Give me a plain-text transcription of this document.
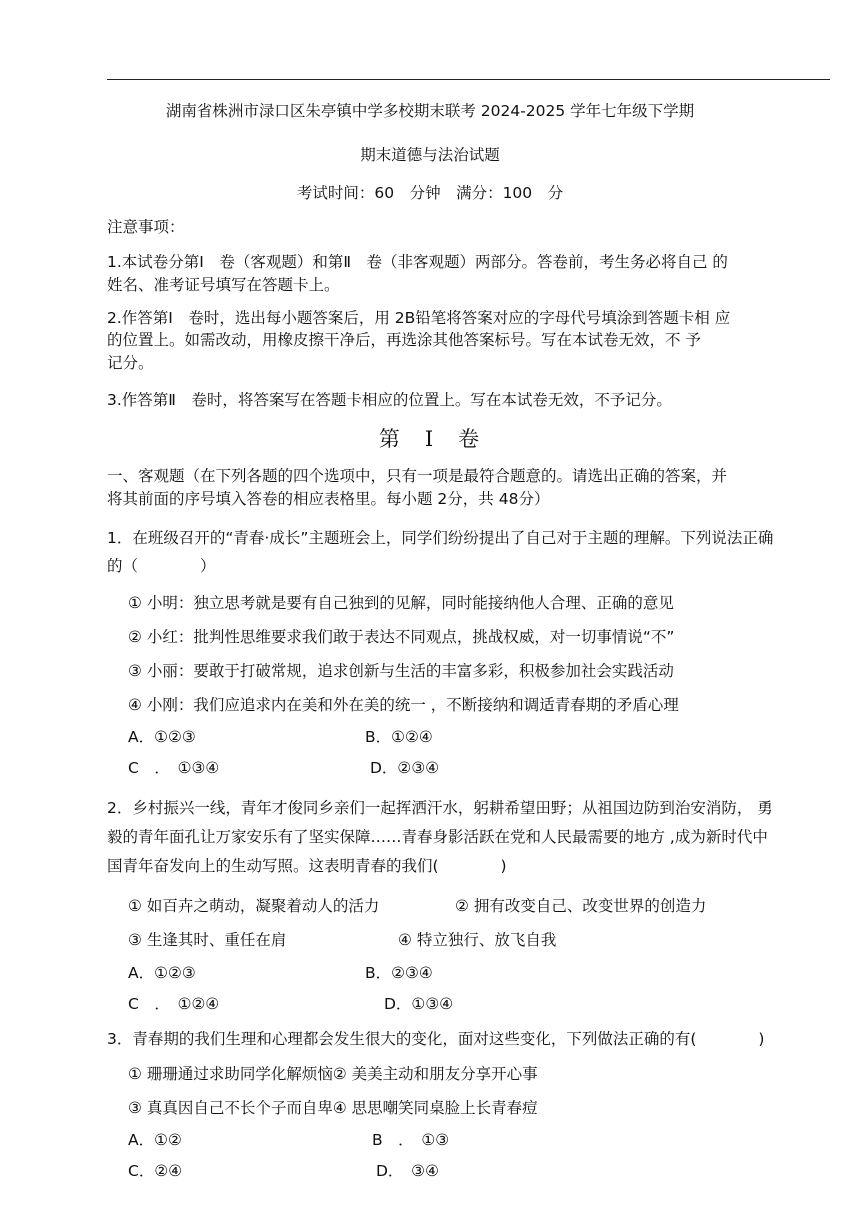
湖南省株洲市渌口区朱亭镇中学多校期末联考 2024-2025 学年七年级下学期
期末道德与法治试题
考试时间：60　分钟　满分：100　分
注意事项：
1.本试卷分第Ⅰ　卷（客观题）和第Ⅱ　卷（非客观题）两部分。答卷前，考生务必将自己 的
姓名、准考证号填写在答题卡上。
2.作答第Ⅰ　卷时，选出每小题答案后，用 2B铅笔将答案对应的字母代号填涂到答题卡相 应
的位置上。如需改动，用橡皮擦干净后，再选涂其他答案标号。写在本试卷无效，不 予
记分。
3.作答第Ⅱ　卷时，将答案写在答题卡相应的位置上。写在本试卷无效，不予记分。
第　Ⅰ　卷
一、客观题（在下列各题的四个选项中，只有一项是最符合题意的。请选出正确的答案，并
将其前面的序号填入答卷的相应表格里。每小题 2分，共 48分）
1．在班级召开的“青春·成长”主题班会上，同学们纷纷提出了自己对于主题的理解。下列说法正确
的（　　　　）
① 小明：独立思考就是要有自己独到的见解，同时能接纳他人合理、正确的意见
② 小红：批判性思维要求我们敢于表达不同观点，挑战权威，对一切事情说“不”
③ 小丽：要敢于打破常规，追求创新与生活的丰富多彩，积极参加社会实践活动
④ 小刚：我们应追求内在美和外在美的统一 ，不断接纳和调适青春期的矛盾心理
A．①②③	B．①②④
C　．　①③④	D．②③④
2．乡村振兴一线，青年才俊同乡亲们一起挥洒汗水，躬耕希望田野；从祖国边防到治安消防， 勇
毅的青年面孔让万家安乐有了坚实保障……青春身影活跃在党和人民最需要的地方 ,成为新时代中
国青年奋发向上的生动写照。这表明青春的我们(　　　　)
① 如百卉之萌动，凝聚着动人的活力	② 拥有改变自己、改变世界的创造力
③ 生逢其时、重任在肩	④ 特立独行、放飞自我
A．①②③	B．②③④
C　．　①②④	D．①③④
3．青春期的我们生理和心理都会发生很大的变化，面对这些变化，下列做法正确的有(　　　　)
① 珊珊通过求助同学化解烦恼② 美美主动和朋友分享开心事
③ 真真因自己不长个子而自卑④ 思思嘲笑同桌脸上长青春痘
A．①②	B　．　①③
C．②④	D．　③④
